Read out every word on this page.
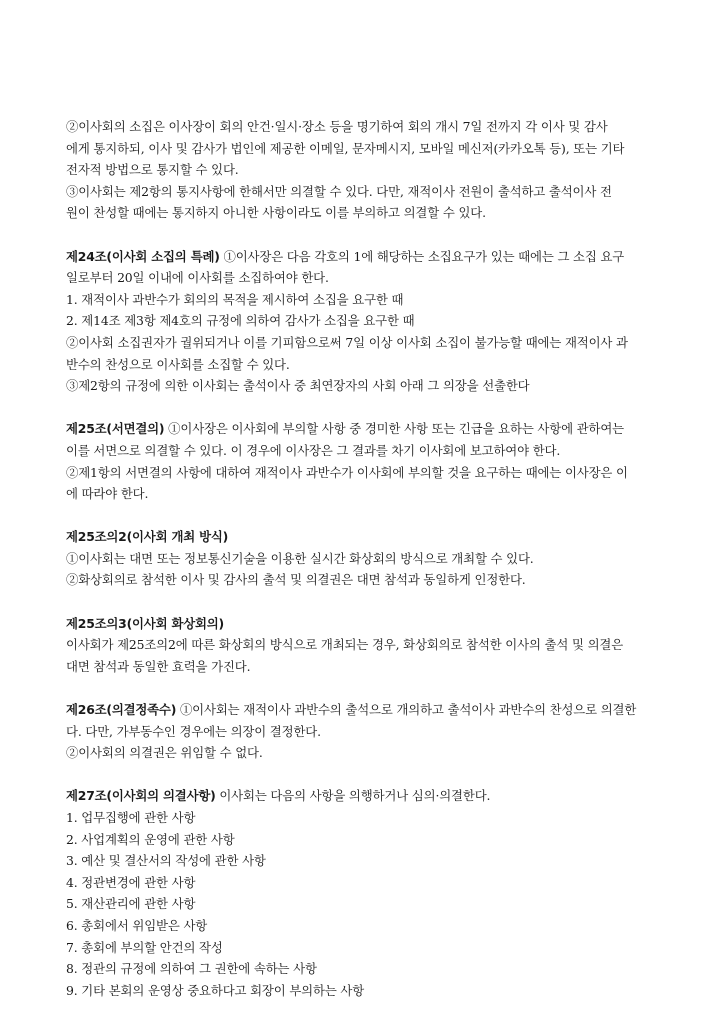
②이사회의 소집은 이사장이 회의 안건·일시·장소 등을 명기하여 회의 개시 7일 전까지 각 이사 및 감사
에게 통지하되, 이사 및 감사가 법인에 제공한 이메일, 문자메시지, 모바일 메신저(카카오톡 등), 또는 기타
전자적 방법으로 통지할 수 있다.
③이사회는 제2항의 통지사항에 한해서만 의결할 수 있다. 다만, 재적이사 전원이 출석하고 출석이사 전
원이 찬성할 때에는 통지하지 아니한 사항이라도 이를 부의하고 의결할 수 있다.
제24조(이사회 소집의 특례) ①이사장은 다음 각호의 1에 해당하는 소집요구가 있는 때에는 그 소집 요구
일로부터 20일 이내에 이사회를 소집하여야 한다.
1. 재적이사 과반수가 회의의 목적을 제시하여 소집을 요구한 때
2. 제14조 제3항 제4호의 규정에 의하여 감사가 소집을 요구한 때
②이사회 소집권자가 궐위되거나 이를 기피함으로써 7일 이상 이사회 소집이 불가능할 때에는 재적이사 과
반수의 찬성으로 이사회를 소집할 수 있다.
③제2항의 규정에 의한 이사회는 출석이사 중 최연장자의 사회 아래 그 의장을 선출한다
제25조(서면결의) ①이사장은 이사회에 부의할 사항 중 경미한 사항 또는 긴급을 요하는 사항에 관하여는
이를 서면으로 의결할 수 있다. 이 경우에 이사장은 그 결과를 차기 이사회에 보고하여야 한다.
②제1항의 서면결의 사항에 대하여 재적이사 과반수가 이사회에 부의할 것을 요구하는 때에는 이사장은 이
에 따라야 한다.
제25조의2(이사회 개최 방식)
①이사회는 대면 또는 정보통신기술을 이용한 실시간 화상회의 방식으로 개최할 수 있다.
②화상회의로 참석한 이사 및 감사의 출석 및 의결권은 대면 참석과 동일하게 인정한다.
제25조의3(이사회 화상회의)
이사회가 제25조의2에 따른 화상회의 방식으로 개최되는 경우, 화상회의로 참석한 이사의 출석 및 의결은
대면 참석과 동일한 효력을 가진다.
제26조(의결정족수) ①이사회는 재적이사 과반수의 출석으로 개의하고 출석이사 과반수의 찬성으로 의결한
다. 다만, 가부동수인 경우에는 의장이 결정한다.
②이사회의 의결권은 위임할 수 없다.
제27조(이사회의 의결사항) 이사회는 다음의 사항을 의행하거나 심의·의결한다.
1. 업무집행에 관한 사항
2. 사업계획의 운영에 관한 사항
3. 예산 및 결산서의 작성에 관한 사항
4. 정관변경에 관한 사항
5. 재산관리에 관한 사항
6. 총회에서 위임받은 사항
7. 총회에 부의할 안건의 작성
8. 정관의 규정에 의하여 그 권한에 속하는 사항
9. 기타 본회의 운영상 중요하다고 회장이 부의하는 사항
